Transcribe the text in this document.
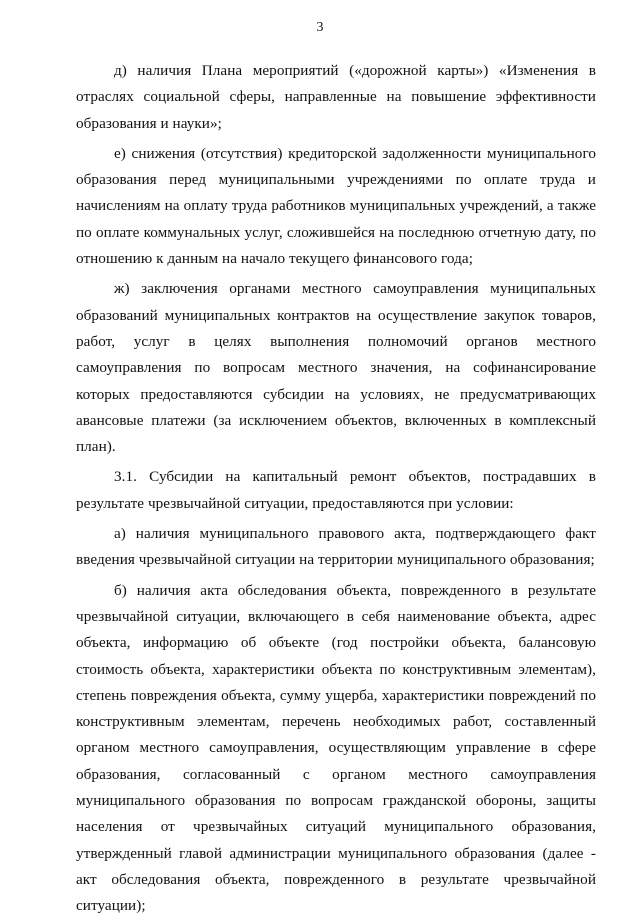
3

д) наличия Плана мероприятий («дорожной карты») «Изменения в отраслях социальной сферы, направленные на повышение эффективности образования и науки»;

е) снижения (отсутствия) кредиторской задолженности муниципального образования перед муниципальными учреждениями по оплате труда и начислениям на оплату труда работников муниципальных учреждений, а также по оплате коммунальных услуг, сложившейся на последнюю отчетную дату, по отношению к данным на начало текущего финансового года;

ж) заключения органами местного самоуправления муниципальных образований муниципальных контрактов на осуществление закупок товаров, работ, услуг в целях выполнения полномочий органов местного самоуправления по вопросам местного значения, на софинансирование которых предоставляются субсидии на условиях, не предусматривающих авансовые платежи (за исключением объектов, включенных в комплексный план).

3.1. Субсидии на капитальный ремонт объектов, пострадавших в результате чрезвычайной ситуации, предоставляются при условии:

а) наличия муниципального правового акта, подтверждающего факт введения чрезвычайной ситуации на территории муниципального образования;

б) наличия акта обследования объекта, поврежденного в результате чрезвычайной ситуации, включающего в себя наименование объекта, адрес объекта, информацию об объекте (год постройки объекта, балансовую стоимость объекта, характеристики объекта по конструктивным элементам), степень повреждения объекта, сумму ущерба, характеристики повреждений по конструктивным элементам, перечень необходимых работ, составленный органом местного самоуправления, осуществляющим управление в сфере образования, согласованный с органом местного самоуправления муниципального образования по вопросам гражданской обороны, защиты населения от чрезвычайных ситуаций муниципального образования, утвержденный главой администрации муниципального образования (далее - акт обследования объекта, поврежденного в результате чрезвычайной ситуации);
